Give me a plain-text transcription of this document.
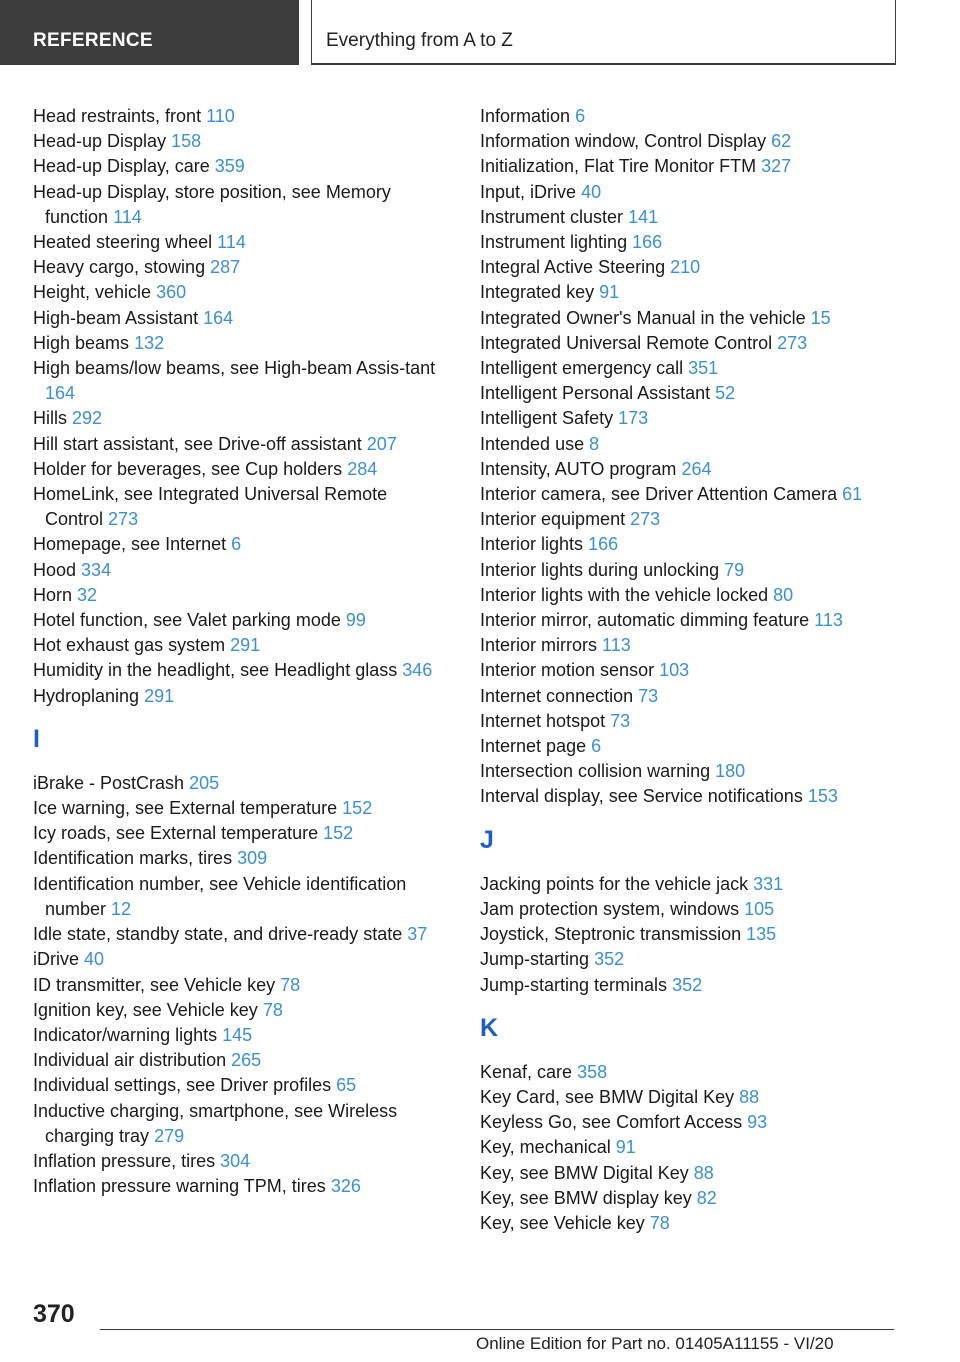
REFERENCE	Everything from A to Z
Head restraints, front 110
Head-up Display 158
Head-up Display, care 359
Head-up Display, store position, see Memory function 114
Heated steering wheel 114
Heavy cargo, stowing 287
Height, vehicle 360
High-beam Assistant 164
High beams 132
High beams/low beams, see High-beam Assis-tant 164
Hills 292
Hill start assistant, see Drive-off assistant 207
Holder for beverages, see Cup holders 284
HomeLink, see Integrated Universal Remote Control 273
Homepage, see Internet 6
Hood 334
Horn 32
Hotel function, see Valet parking mode 99
Hot exhaust gas system 291
Humidity in the headlight, see Headlight glass 346
Hydroplaning 291
I
iBrake - PostCrash 205
Ice warning, see External temperature 152
Icy roads, see External temperature 152
Identification marks, tires 309
Identification number, see Vehicle identification number 12
Idle state, standby state, and drive-ready state 37
iDrive 40
ID transmitter, see Vehicle key 78
Ignition key, see Vehicle key 78
Indicator/warning lights 145
Individual air distribution 265
Individual settings, see Driver profiles 65
Inductive charging, smartphone, see Wireless charging tray 279
Inflation pressure, tires 304
Inflation pressure warning TPM, tires 326
Information 6
Information window, Control Display 62
Initialization, Flat Tire Monitor FTM 327
Input, iDrive 40
Instrument cluster 141
Instrument lighting 166
Integral Active Steering 210
Integrated key 91
Integrated Owner's Manual in the vehicle 15
Integrated Universal Remote Control 273
Intelligent emergency call 351
Intelligent Personal Assistant 52
Intelligent Safety 173
Intended use 8
Intensity, AUTO program 264
Interior camera, see Driver Attention Camera 61
Interior equipment 273
Interior lights 166
Interior lights during unlocking 79
Interior lights with the vehicle locked 80
Interior mirror, automatic dimming feature 113
Interior mirrors 113
Interior motion sensor 103
Internet connection 73
Internet hotspot 73
Internet page 6
Intersection collision warning 180
Interval display, see Service notifications 153
J
Jacking points for the vehicle jack 331
Jam protection system, windows 105
Joystick, Steptronic transmission 135
Jump-starting 352
Jump-starting terminals 352
K
Kenaf, care 358
Key Card, see BMW Digital Key 88
Keyless Go, see Comfort Access 93
Key, mechanical 91
Key, see BMW Digital Key 88
Key, see BMW display key 82
Key, see Vehicle key 78
370
Online Edition for Part no. 01405A11155 - VI/20
